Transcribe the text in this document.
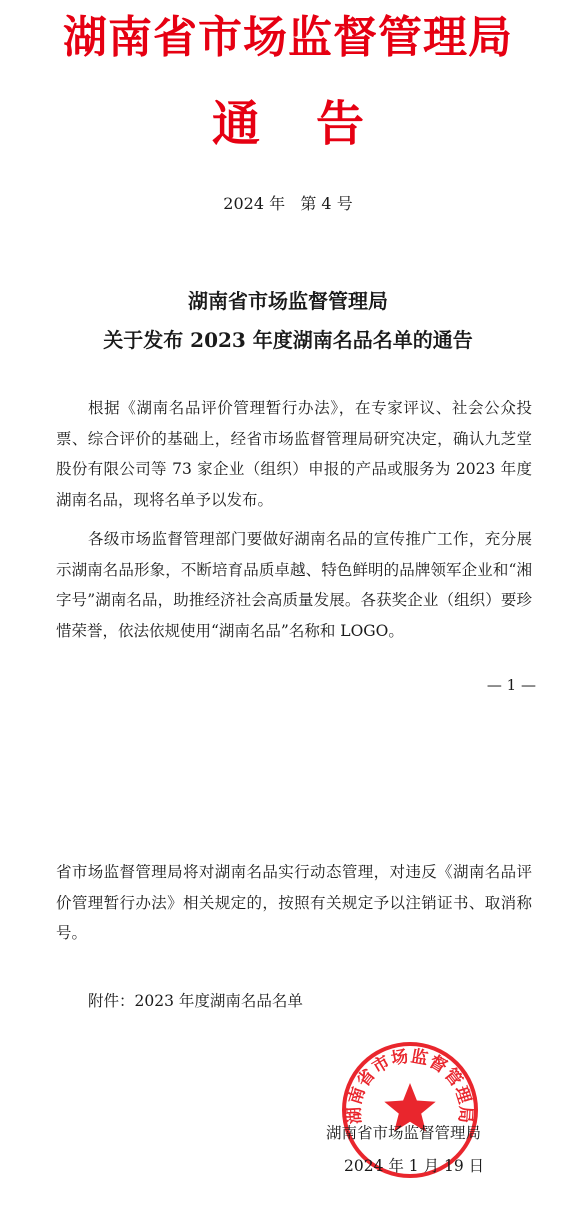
湖南省市场监督管理局
通告
2024 年   第 4 号
湖南省市场监督管理局
关于发布 2023 年度湖南名品名单的通告
根据《湖南名品评价管理暂行办法》，在专家评议、社会公众投票、综合评价的基础上，经省市场监督管理局研究决定，确认九芝堂股份有限公司等 73 家企业（组织）申报的产品或服务为 2023 年度湖南名品，现将名单予以发布。
各级市场监督管理部门要做好湖南名品的宣传推广工作，充分展示湖南名品形象，不断培育品质卓越、特色鲜明的品牌领军企业和“湘字号”湖南名品，助推经济社会高质量发展。各获奖企业（组织）要珍惜荣誉，依法依规使用“湖南名品”名称和 LOGO。
— 1 —
省市场监督管理局将对湖南名品实行动态管理，对违反《湖南名品评价管理暂行办法》相关规定的，按照有关规定予以注销证书、取消称号。
附件：2023 年度湖南名品名单
湖南省市场监督管理局
湖南省市场监督管理局
2024 年 1 月 19 日
